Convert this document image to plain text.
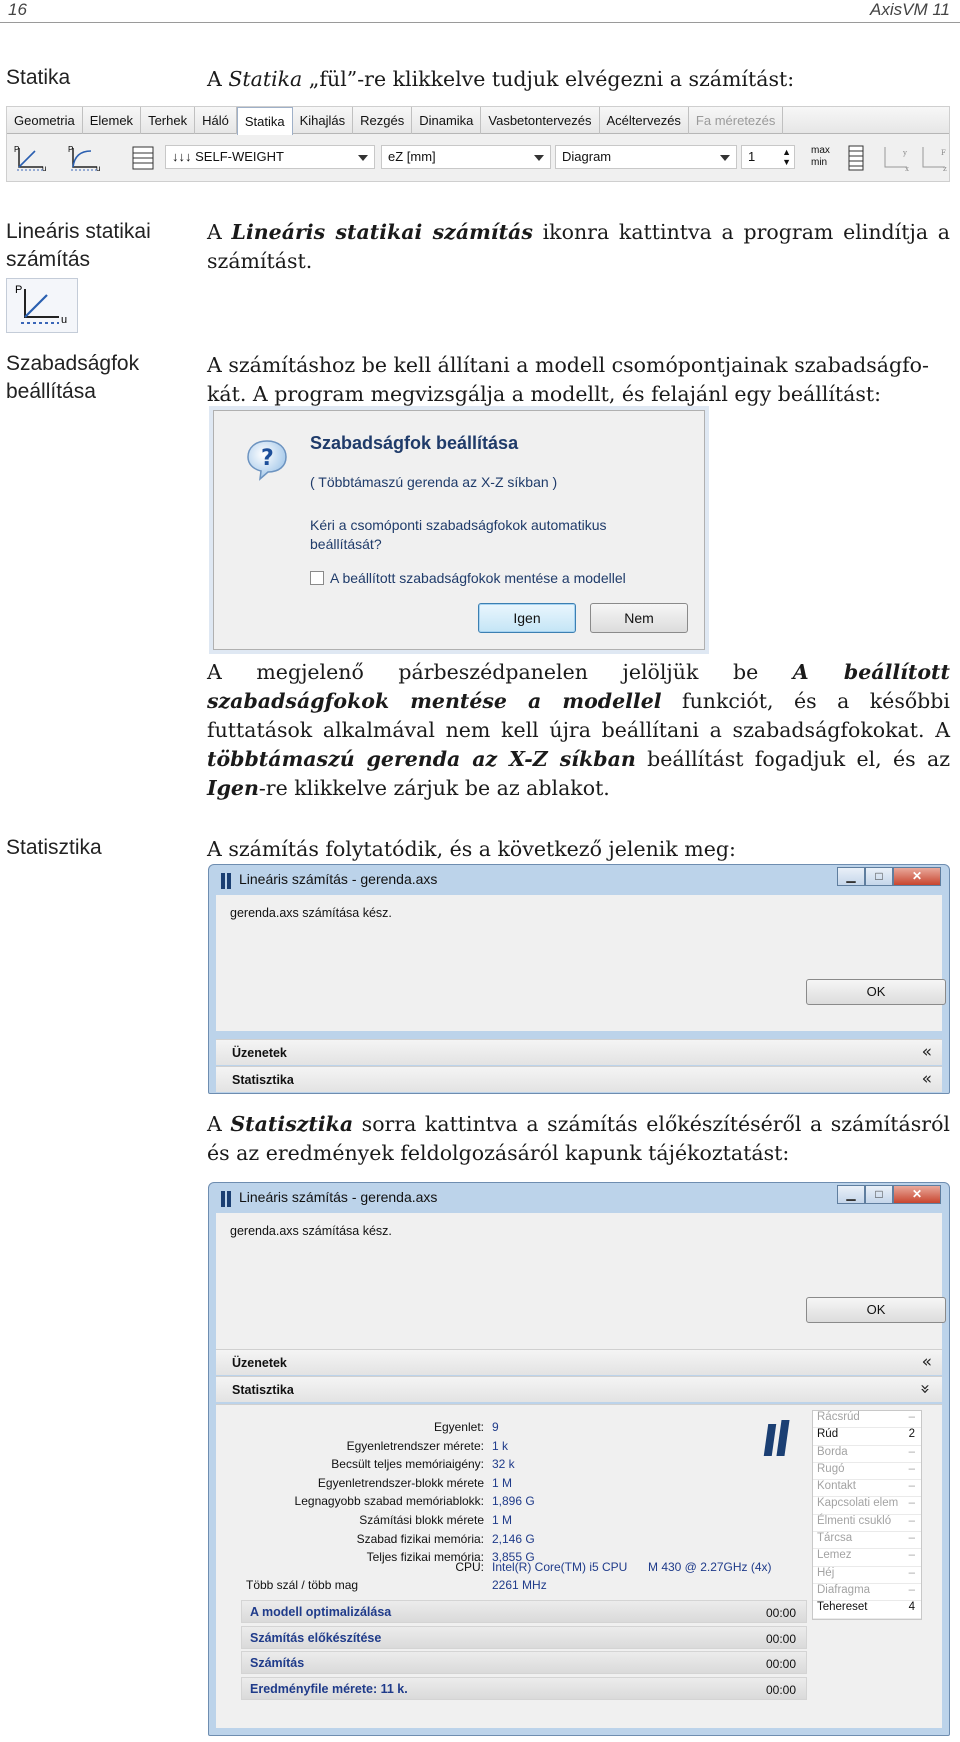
16	AxisVM 11
Statika	A Statika „fül”-re klikkelve tudjuk elvégezni a számítást:
Geometria	Elemek	Terhek	Háló	Statika	Kihajlás	Rezgés	Dinamika	Vasbetontervezés	Acéltervezés	Fa méretezés
P
u
P
u
↓↓↓ SELF-WEIGHT	eZ [mm]	Diagram	1	▲
▼
max
min
y
x
F
z
Lineáris statikai
számítás
P
u
A Lineáris statikai számítás ikonra kattintva a program elindítja a számítást.
Szabadságfok
beállítása
A számításhoz be kell állítani a modell csomópontjainak szabadságfo-
kát. A program megvizsgálja a modellt, és felajánl egy beállítást:
?
Szabadságfok beállítása
( Többtámaszú gerenda az X-Z síkban )
Kéri a csomóponti szabadságfokok automatikus
beállítását?
A beállított szabadságfokok mentése a modellel
Igen	Nem
A megjelenő párbeszédpanelen jelöljük be A beállított szabadságfokok mentése a modellel funkciót, és a későbbi futtatások alkalmával nem kell újra beállítani a szabadságfokokat. A többtámaszú gerenda az X-Z síkban beállítást fogadjuk el, és az Igen-re klikkelve zárjuk be az ablakot.
Statisztika	A számítás folytatódik, és a következő jelenik meg:
Lineáris számítás - gerenda.axs	▁	□	✕
gerenda.axs számítása kész.
OK
Üzenetek	«
Statisztika	«
A Statisztika sorra kattintva a számítás előkészítéséről a számításról és az eredmények feldolgozásáról kapunk tájékoztatást:
Lineáris számítás - gerenda.axs	▁	□	✕
gerenda.axs számítása kész.
OK
Üzenetek	«
Statisztika	»
Egyenlet: 9
Egyenletrendszer mérete: 1 k
Becsült teljes memóriaigény: 32 k
Egyenletrendszer-blokk mérete 1 M
Legnagyobb szabad memóriablokk: 1,896 G
Számítási blokk mérete 1 M
Szabad fizikai memória: 2,146 G
Teljes fizikai memória: 3,855 G
CPU: Intel(R) Core(TM) i5 CPU M 430 @ 2.27GHz (4x)
Több szál / több mag	2261 MHz
A modell optimalizálása	00:00
Számítás előkészítése	00:00
Számítás	00:00
Eredményfile mérete: 11 k.	00:00
Rácsrúd	–
Rúd	2
Borda	–
Rugó	–
Kontakt	–
Kapcsolati elem –
Élmenti csukló –
Tárcsa	–
Lemez	–
Héj	–
Diafragma	–
Tehereset	4
